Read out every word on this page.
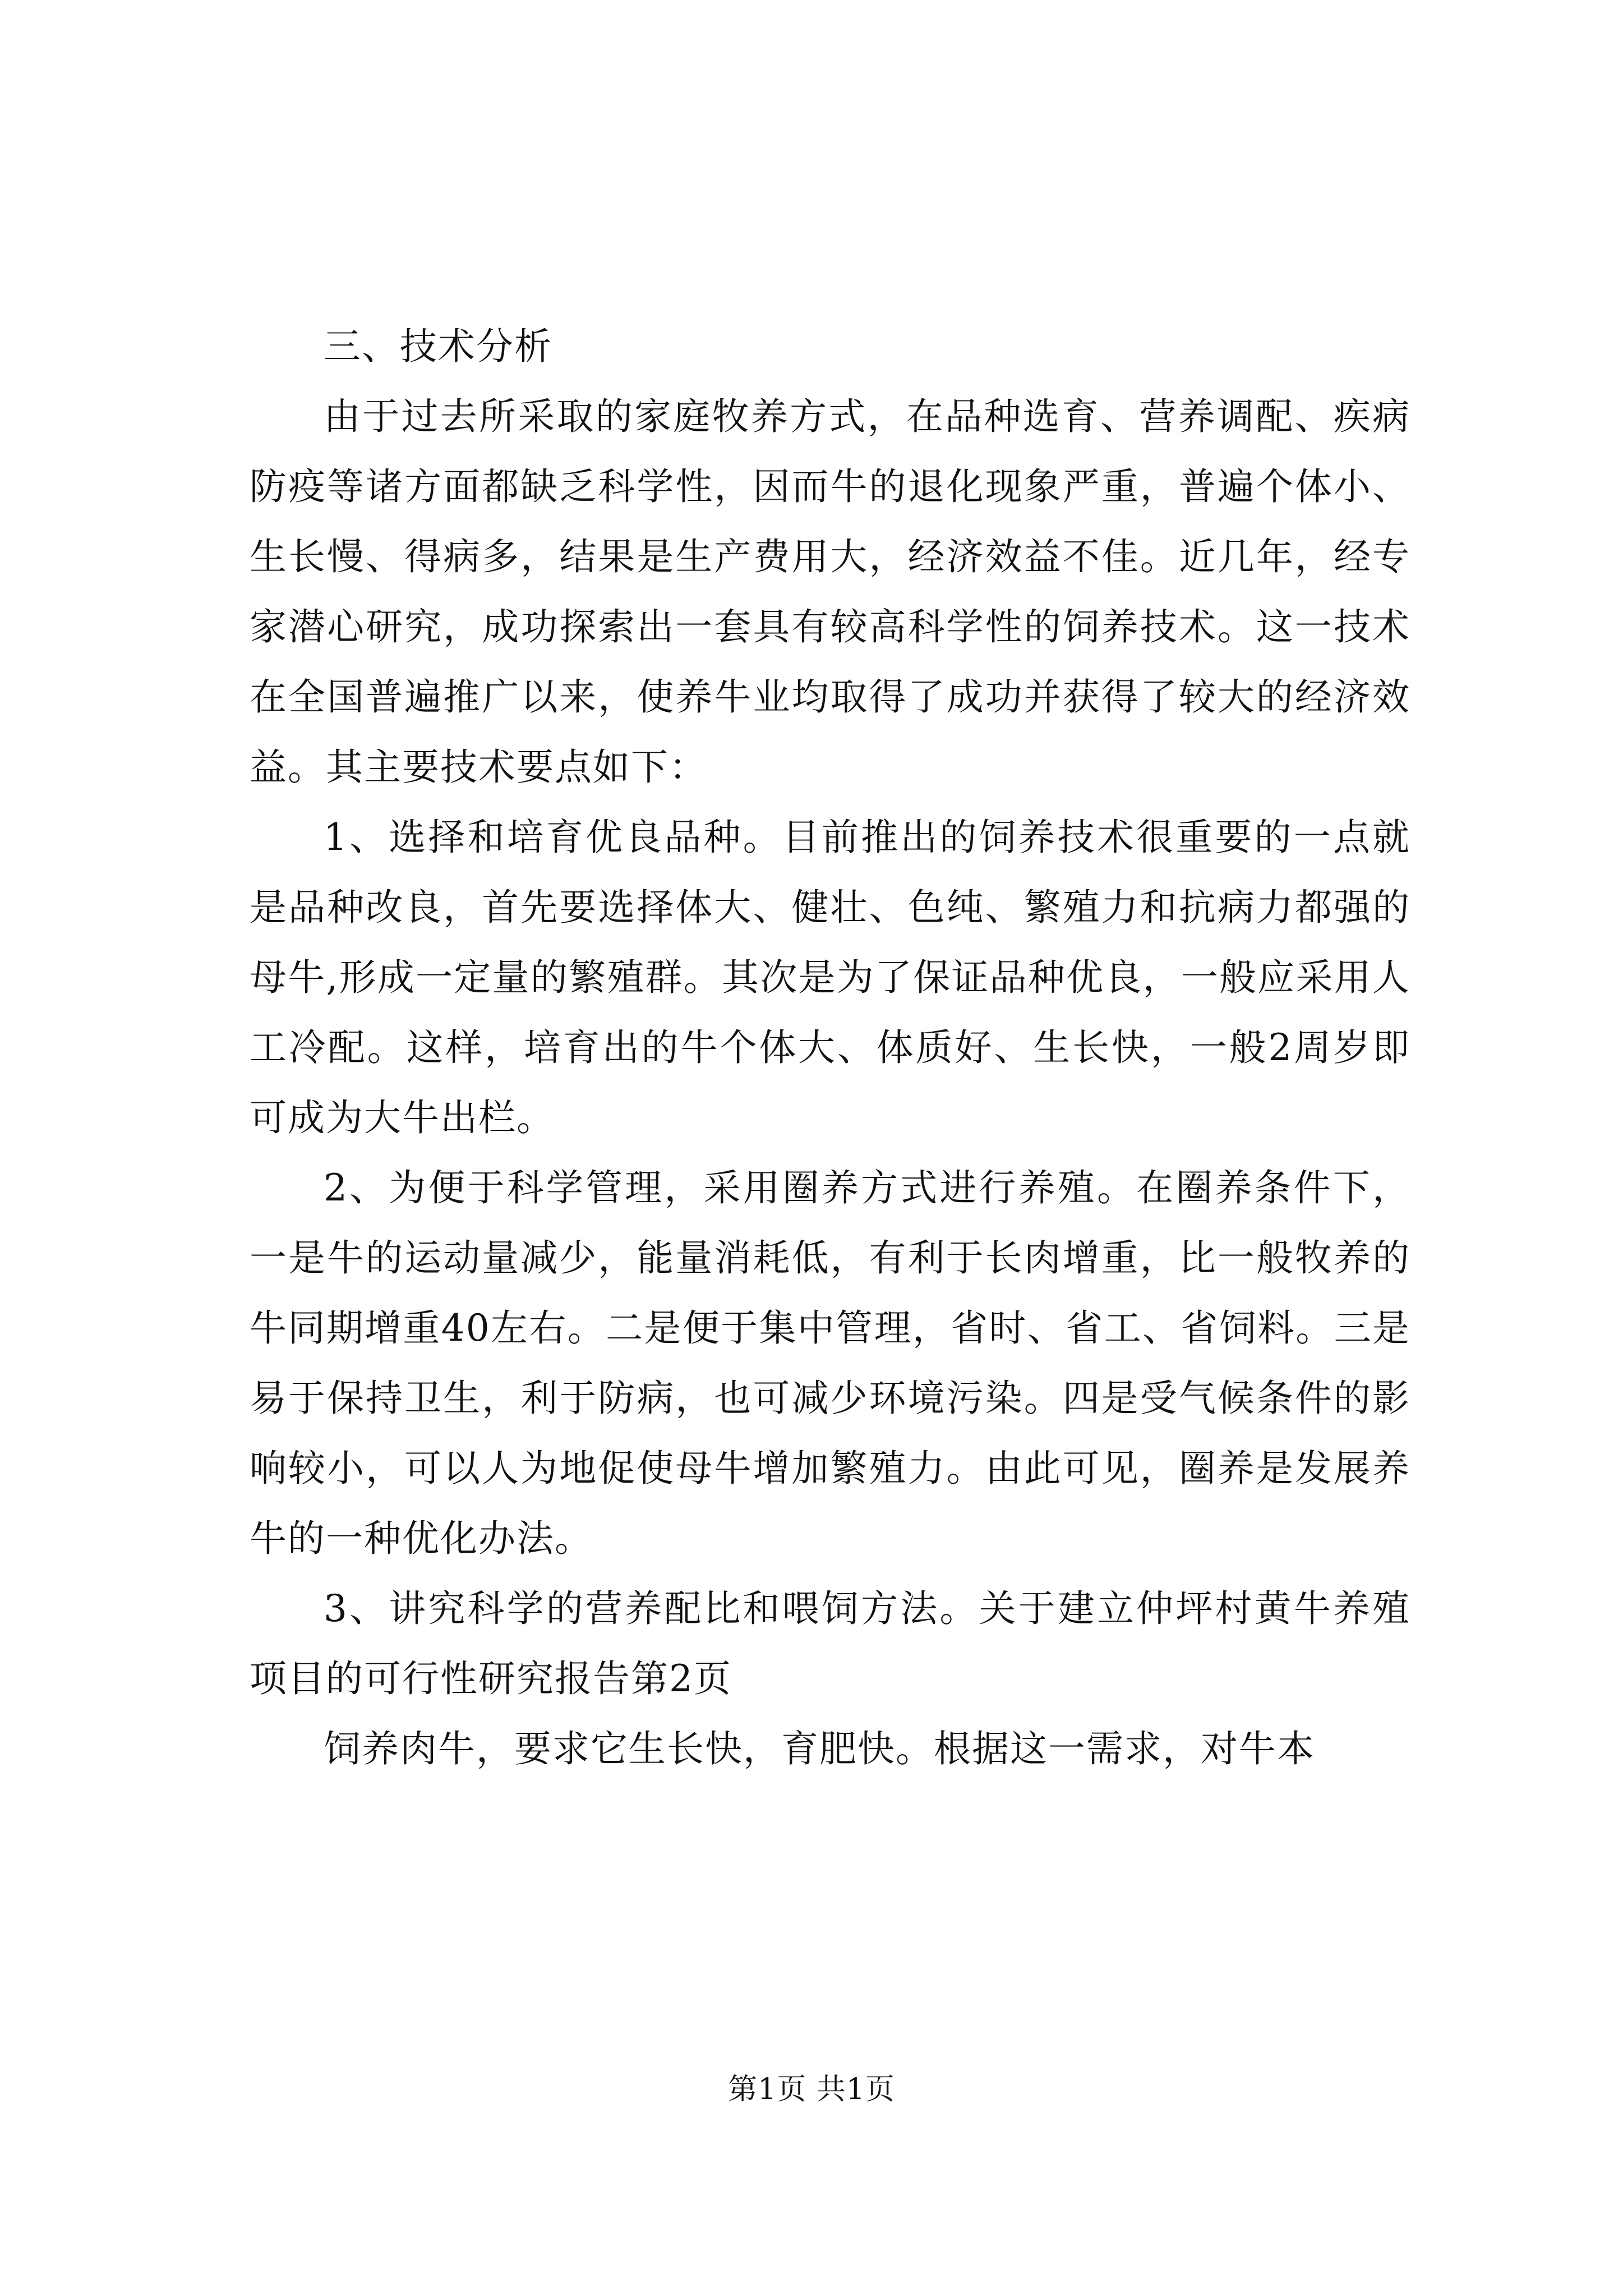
三、技术分析

由于过去所采取的家庭牧养方式，在品种选育、营养调配、疾病防疫等诸方面都缺乏科学性，因而牛的退化现象严重，普遍个体小、生长慢、得病多，结果是生产费用大，经济效益不佳。近几年，经专家潜心研究，成功探索出一套具有较高科学性的饲养技术。这一技术在全国普遍推广以来，使养牛业均取得了成功并获得了较大的经济效益。其主要技术要点如下：

1、选择和培育优良品种。目前推出的饲养技术很重要的一点就是品种改良，首先要选择体大、健壮、色纯、繁殖力和抗病力都强的母牛,形成一定量的繁殖群。其次是为了保证品种优良，一般应采用人工冷配。这样，培育出的牛个体大、体质好、生长快，一般2周岁即可成为大牛出栏。

2、为便于科学管理，采用圈养方式进行养殖。在圈养条件下，一是牛的运动量减少，能量消耗低，有利于长肉增重，比一般牧养的牛同期增重40左右。二是便于集中管理，省时、省工、省饲料。三是易于保持卫生，利于防病，也可减少环境污染。四是受气候条件的影响较小，可以人为地促使母牛增加繁殖力。由此可见，圈养是发展养牛的一种优化办法。

3、讲究科学的营养配比和喂饲方法。关于建立仲坪村黄牛养殖项目的可行性研究报告第2页

饲养肉牛，要求它生长快，育肥快。根据这一需求，对牛本

第1页 共1页
